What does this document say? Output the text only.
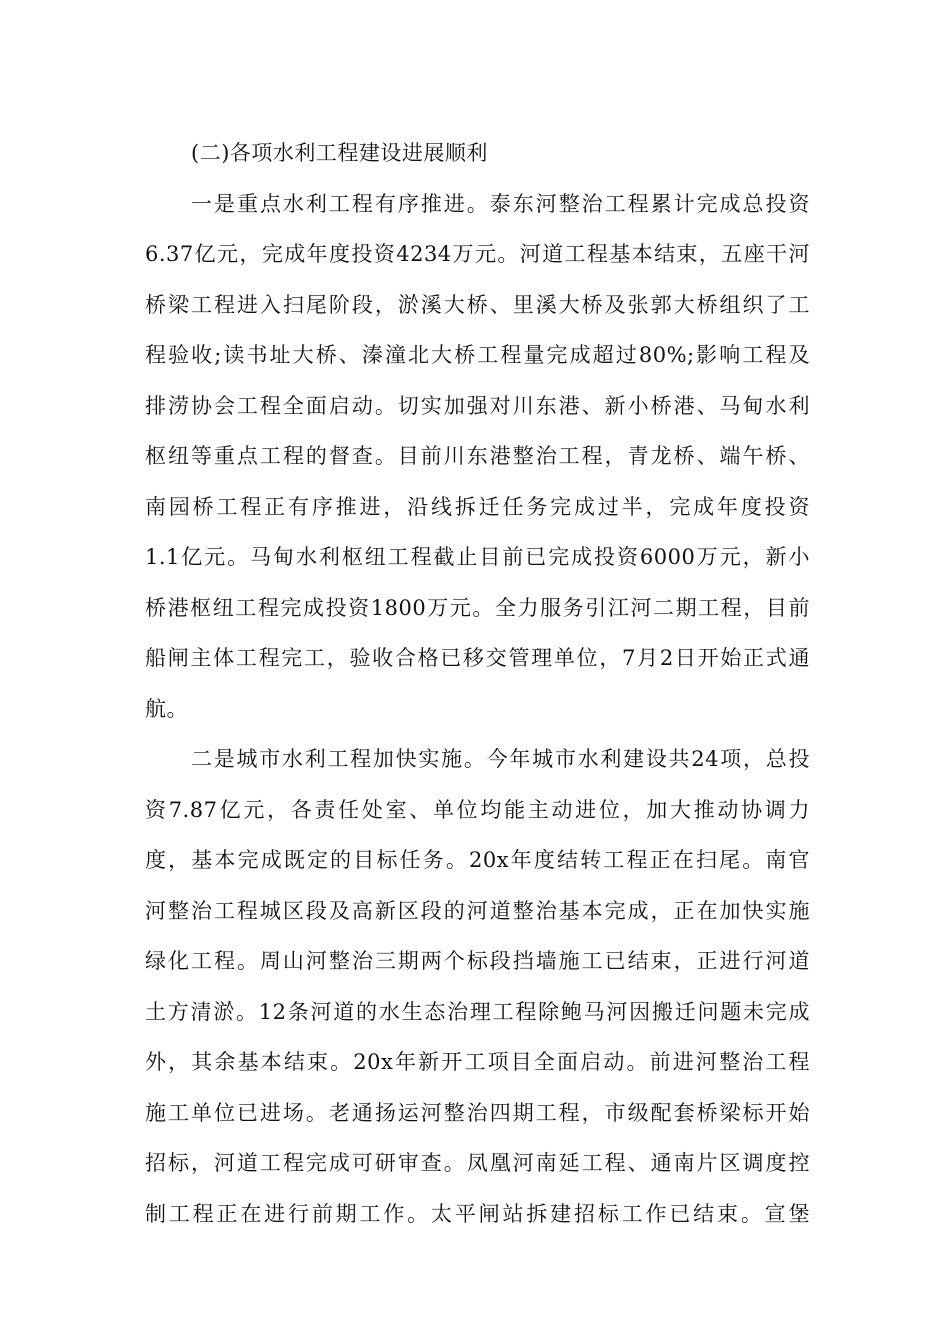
(二)各项水利工程建设进展顺利

一是重点水利工程有序推进。泰东河整治工程累计完成总投资
6.37亿元，完成年度投资4234万元。河道工程基本结束，五座干河
桥梁工程进入扫尾阶段，淤溪大桥、里溪大桥及张郭大桥组织了工
程验收;读书址大桥、溱潼北大桥工程量完成超过80%;影响工程及
排涝协会工程全面启动。切实加强对川东港、新小桥港、马甸水利
枢纽等重点工程的督查。目前川东港整治工程，青龙桥、端午桥、
南园桥工程正有序推进，沿线拆迁任务完成过半，完成年度投资
1.1亿元。马甸水利枢纽工程截止目前已完成投资6000万元，新小
桥港枢纽工程完成投资1800万元。全力服务引江河二期工程，目前
船闸主体工程完工，验收合格已移交管理单位，7月2日开始正式通
航。

二是城市水利工程加快实施。今年城市水利建设共24项，总投
资7.87亿元，各责任处室、单位均能主动进位，加大推动协调力
度，基本完成既定的目标任务。20x年度结转工程正在扫尾。南官
河整治工程城区段及高新区段的河道整治基本完成，正在加快实施
绿化工程。周山河整治三期两个标段挡墙施工已结束，正进行河道
土方清淤。12条河道的水生态治理工程除鲍马河因搬迁问题未完成
外，其余基本结束。20x年新开工项目全面启动。前进河整治工程
施工单位已进场。老通扬运河整治四期工程，市级配套桥梁标开始
招标，河道工程完成可研审查。凤凰河南延工程、通南片区调度控
制工程正在进行前期工作。太平闸站拆建招标工作已结束。宣堡
